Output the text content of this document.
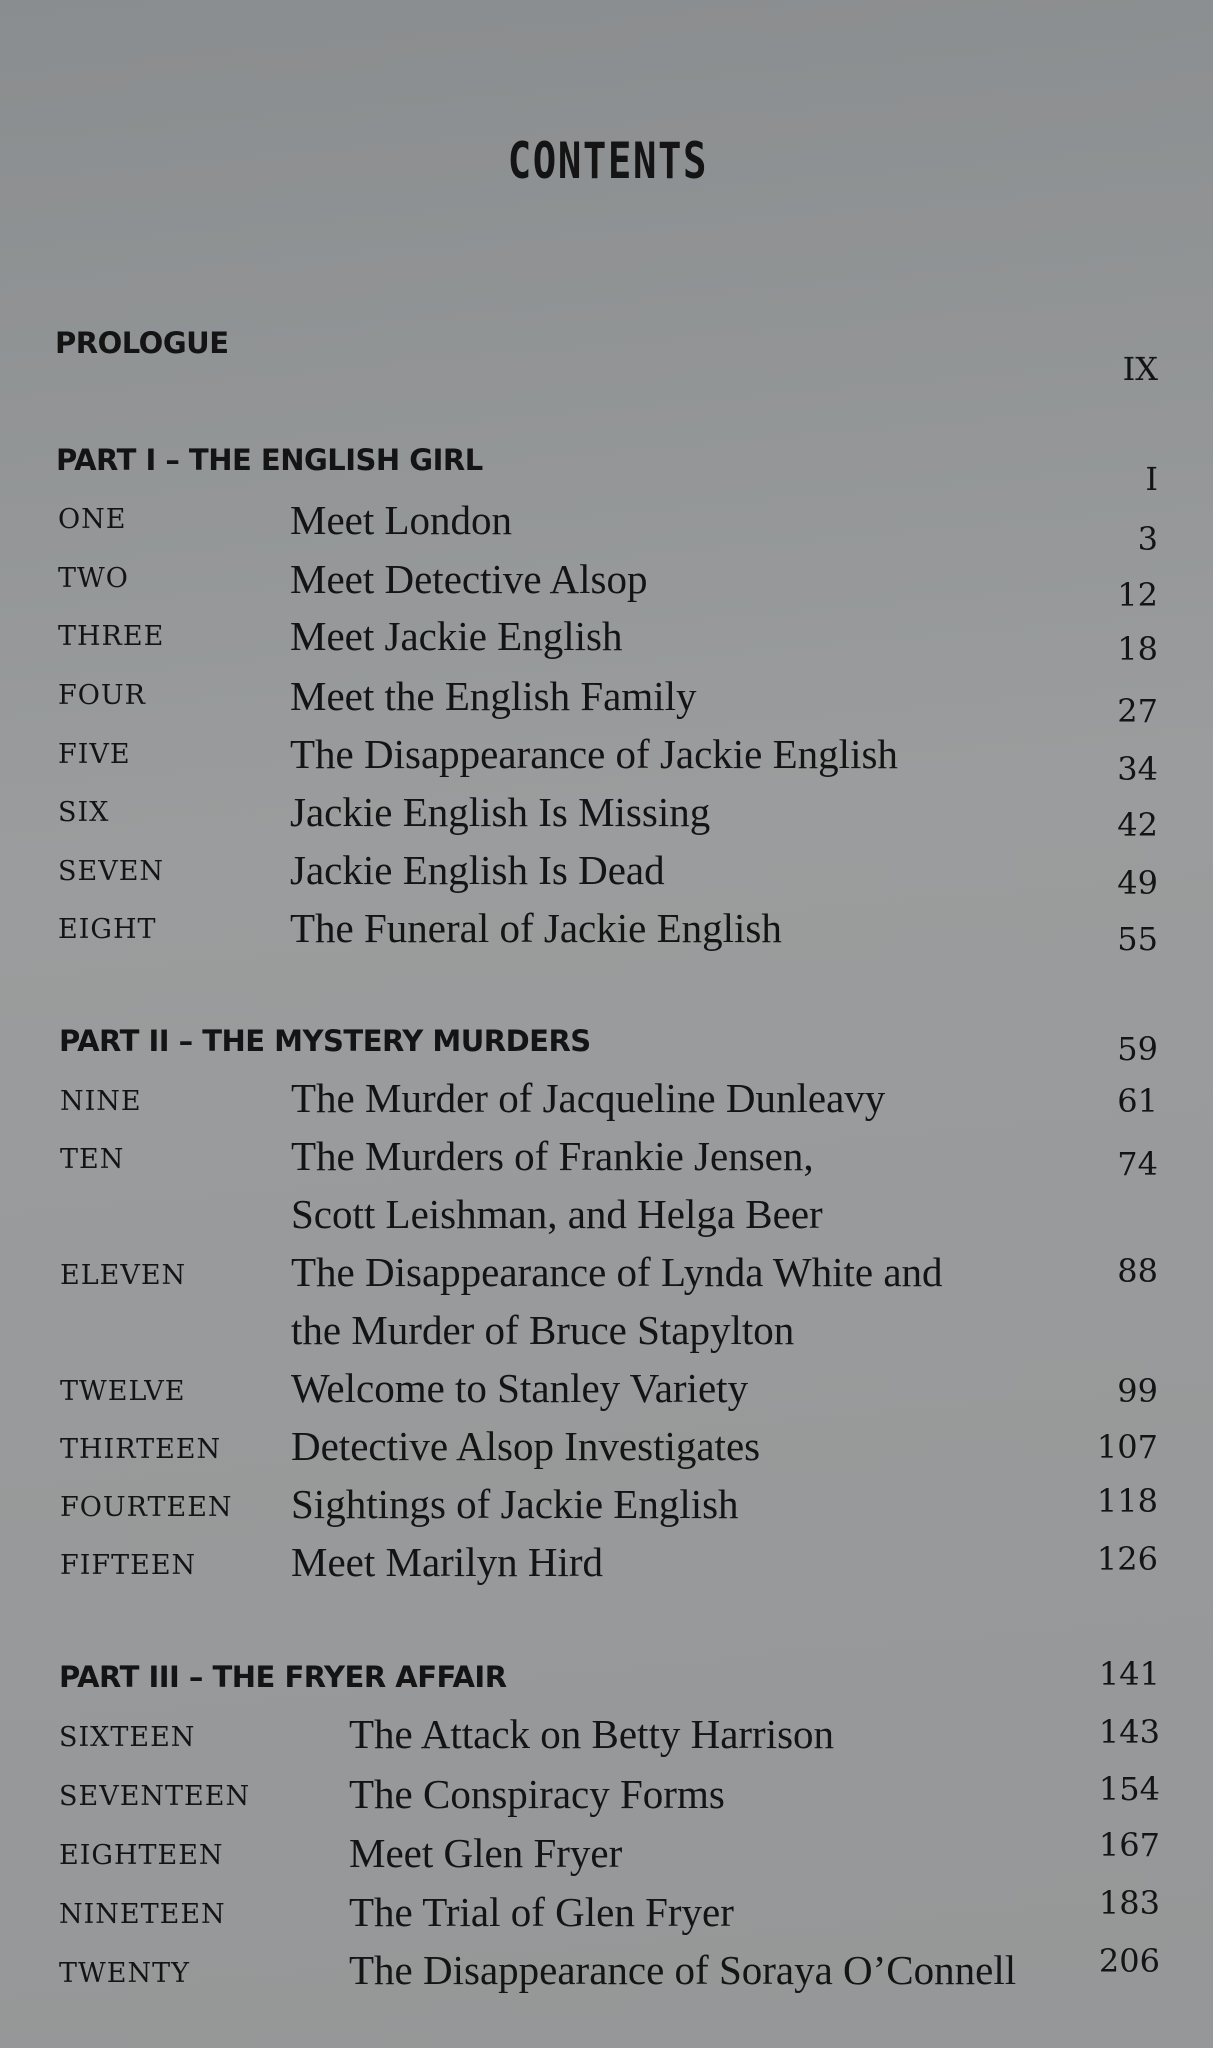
CONTENTS
PROLOGUE
IX
PART I – THE ENGLISH GIRL	I
ONE	Meet London	3
TWO	Meet Detective Alsop	12
THREE	Meet Jackie English	18
FOUR	Meet the English Family	27
FIVE	The Disappearance of Jackie English	34
SIX	Jackie English Is Missing	42
SEVEN	Jackie English Is Dead	49
EIGHT	The Funeral of Jackie English	55
PART II – THE MYSTERY MURDERS	59
NINE	The Murder of Jacqueline Dunleavy	61
TEN	The Murders of Frankie Jensen,
Scott Leishman, and Helga Beer
74
ELEVEN	The Disappearance of Lynda White and
the Murder of Bruce Stapylton
88
TWELVE	Welcome to Stanley Variety	99
THIRTEEN Detective Alsop Investigates	107
FOURTEEN Sightings of Jackie English	118
FIFTEEN Meet Marilyn Hird	126
PART III – THE FRYER AFFAIR	141
SIXTEEN	The Attack on Betty Harrison	143
SEVENTEEN The Conspiracy Forms	154
EIGHTEEN	Meet Glen Fryer	167
NINETEEN	The Trial of Glen Fryer	183
TWENTY	The Disappearance of Soraya O’Connell	206
